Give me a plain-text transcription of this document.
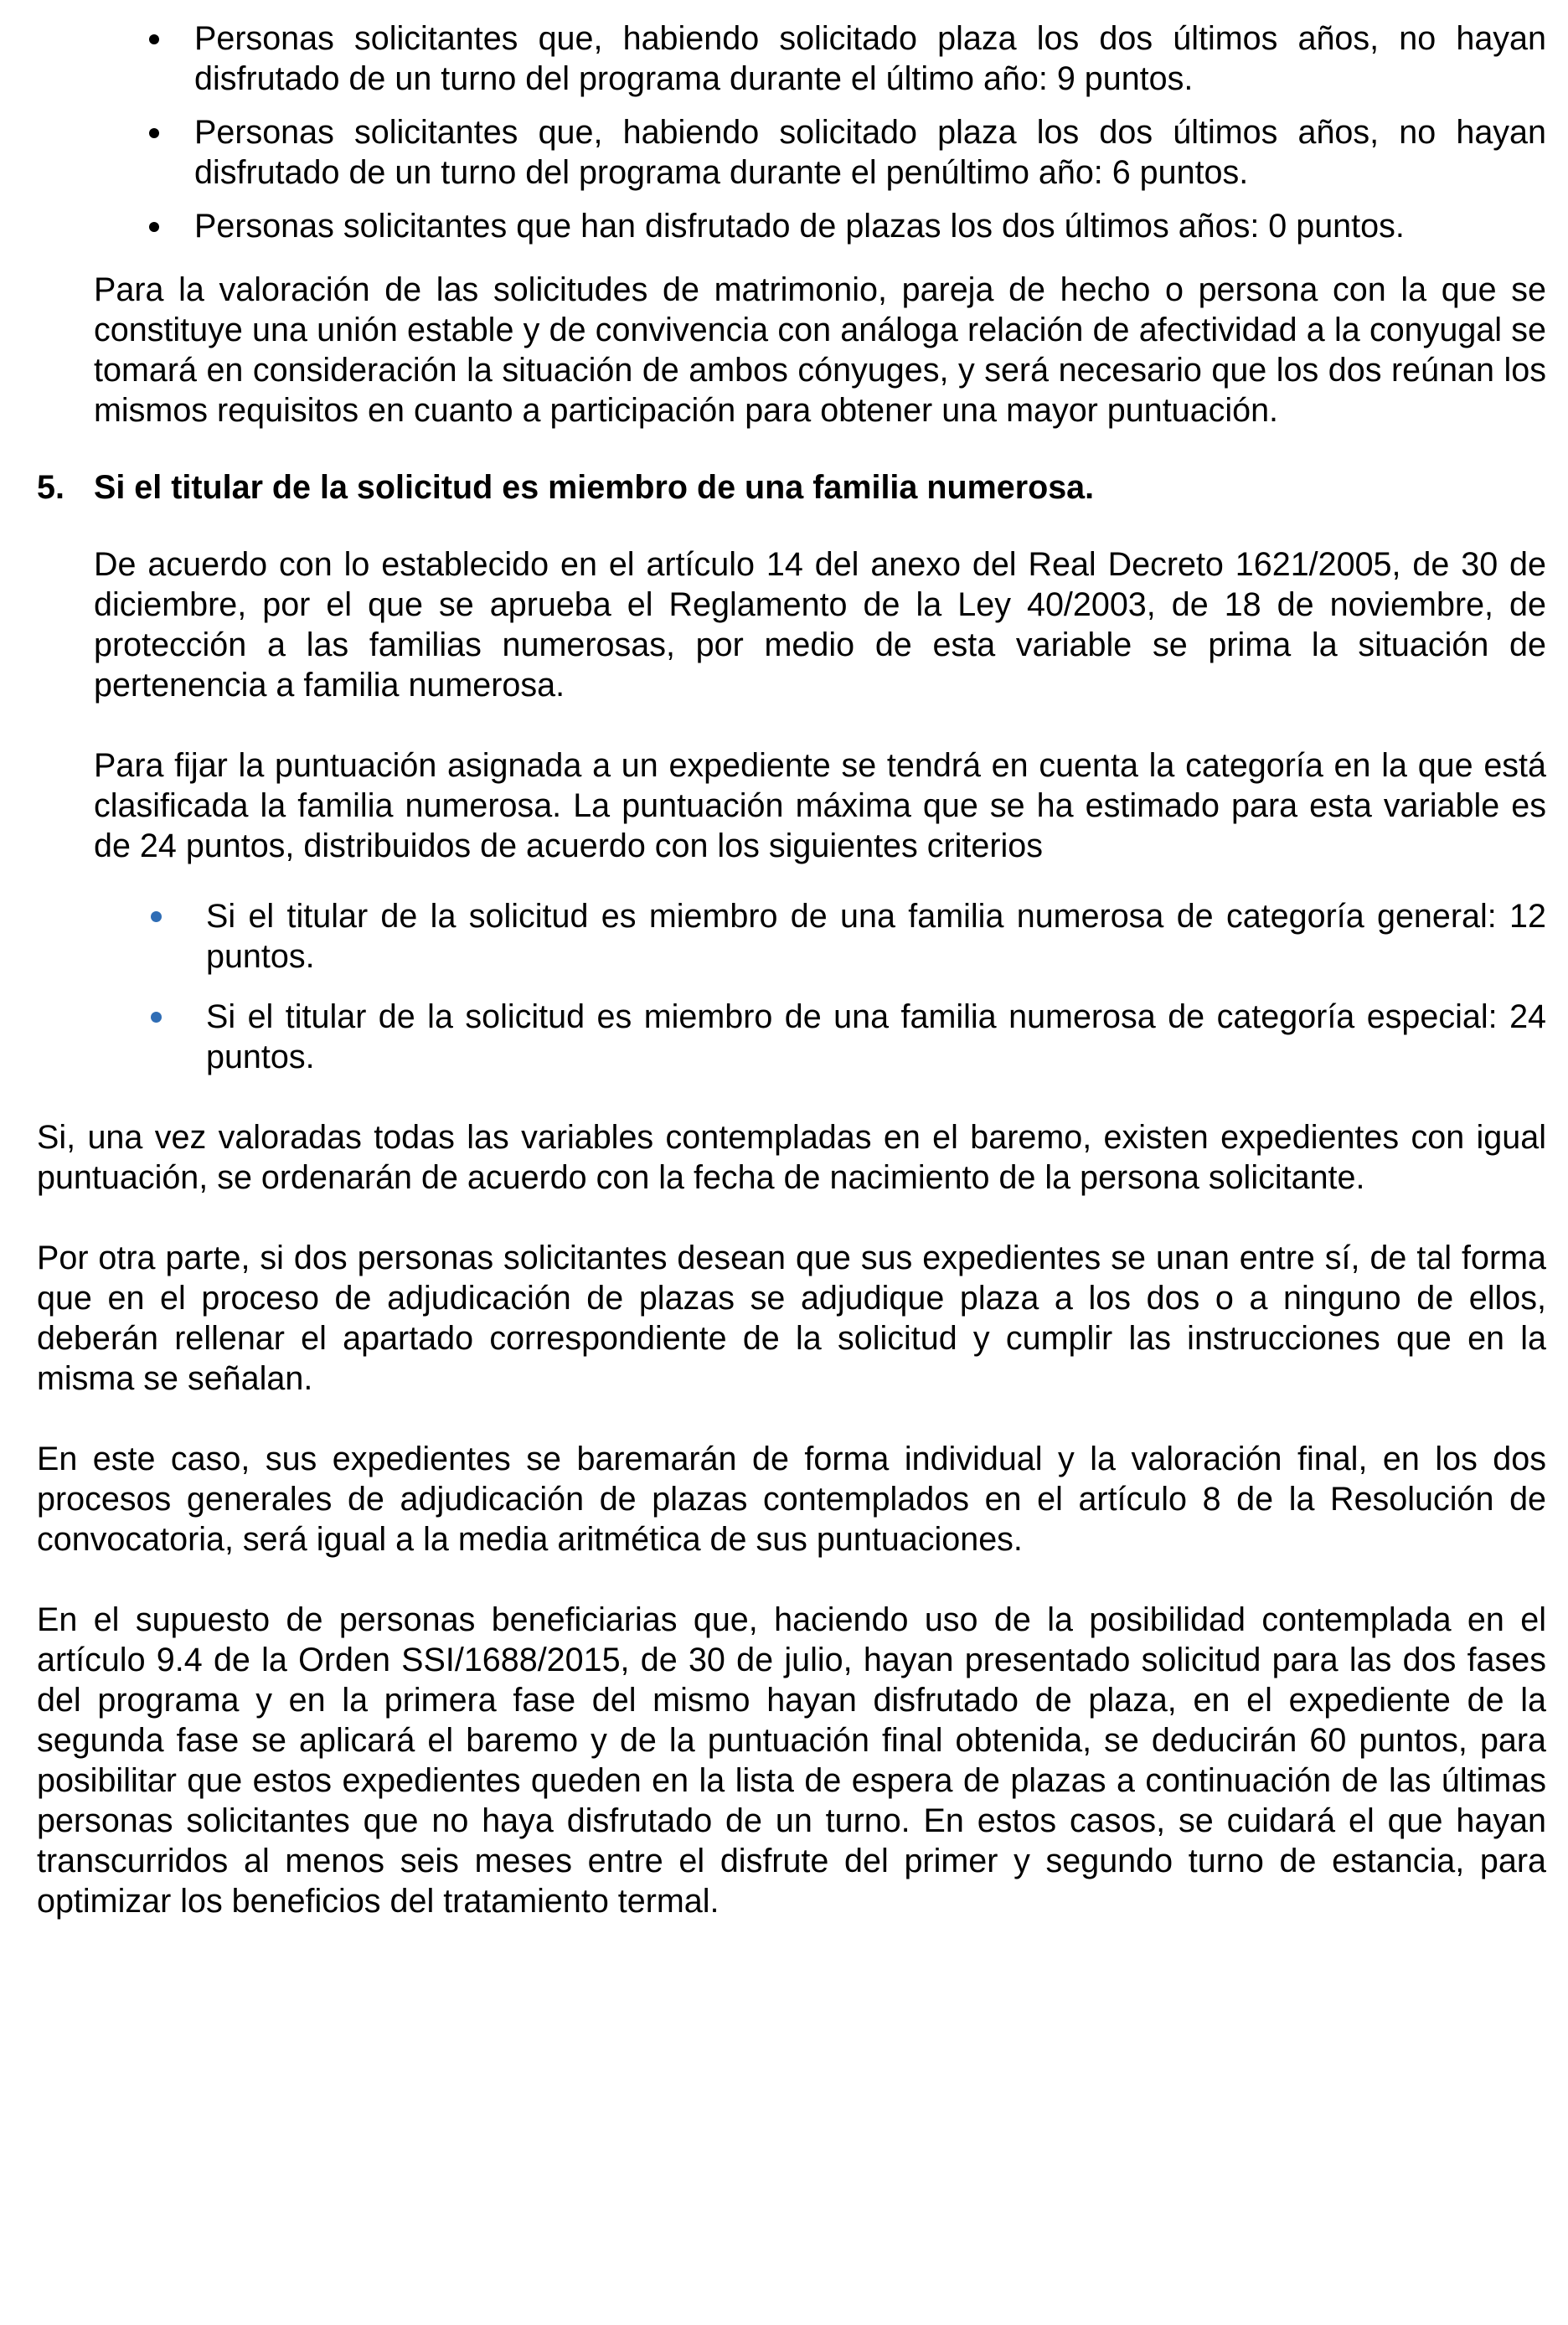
Personas solicitantes que, habiendo solicitado plaza los dos últimos años, no hayan disfrutado de un turno del programa durante el último año: 9 puntos.
Personas solicitantes que, habiendo solicitado plaza los dos últimos años, no hayan disfrutado de un turno del programa durante el penúltimo año: 6 puntos.
Personas solicitantes que han disfrutado de plazas los dos últimos años: 0 puntos.

Para la valoración de las solicitudes de matrimonio, pareja de hecho o persona con la que se constituye una unión estable y de convivencia con análoga relación de afectividad a la conyugal se tomará en consideración la situación de ambos cónyuges, y será necesario que los dos reúnan los mismos requisitos en cuanto a participación para obtener una mayor puntuación.

5. Si el titular de la solicitud es miembro de una familia numerosa.

De acuerdo con lo establecido en el artículo 14 del anexo del Real Decreto 1621/2005, de 30 de diciembre, por el que se aprueba el Reglamento de la Ley 40/2003, de 18 de noviembre, de protección a las familias numerosas, por medio de esta variable se prima la situación de pertenencia a familia numerosa.

Para fijar la puntuación asignada a un expediente se tendrá en cuenta la categoría en la que está clasificada la familia numerosa. La puntuación máxima que se ha estimado para esta variable es de 24 puntos, distribuidos de acuerdo con los siguientes criterios

Si el titular de la solicitud es miembro de una familia numerosa de categoría general: 12 puntos.
Si el titular de la solicitud es miembro de una familia numerosa de categoría especial: 24 puntos.

Si, una vez valoradas todas las variables contempladas en el baremo, existen expedientes con igual puntuación, se ordenarán de acuerdo con la fecha de nacimiento de la persona solicitante.

Por otra parte, si dos personas solicitantes desean que sus expedientes se unan entre sí, de tal forma que en el proceso de adjudicación de plazas se adjudique plaza a los dos o a ninguno de ellos, deberán rellenar el apartado correspondiente de la solicitud y cumplir las instrucciones que en la misma se señalan.

En este caso, sus expedientes se baremarán de forma individual y la valoración final, en los dos procesos generales de adjudicación de plazas contemplados en el artículo 8 de la Resolución de convocatoria, será igual a la media aritmética de sus puntuaciones.

En el supuesto de personas beneficiarias que, haciendo uso de la posibilidad contemplada en el artículo 9.4 de la Orden SSI/1688/2015, de 30 de julio, hayan presentado solicitud para las dos fases del programa y en la primera fase del mismo hayan disfrutado de plaza, en el expediente de la segunda fase se aplicará el baremo y de la puntuación final obtenida, se deducirán 60 puntos, para posibilitar que estos expedientes queden en la lista de espera de plazas a continuación de las últimas personas solicitantes que no haya disfrutado de un turno. En estos casos, se cuidará el que hayan transcurridos al menos seis meses entre el disfrute del primer y segundo turno de estancia, para optimizar los beneficios del tratamiento termal.
